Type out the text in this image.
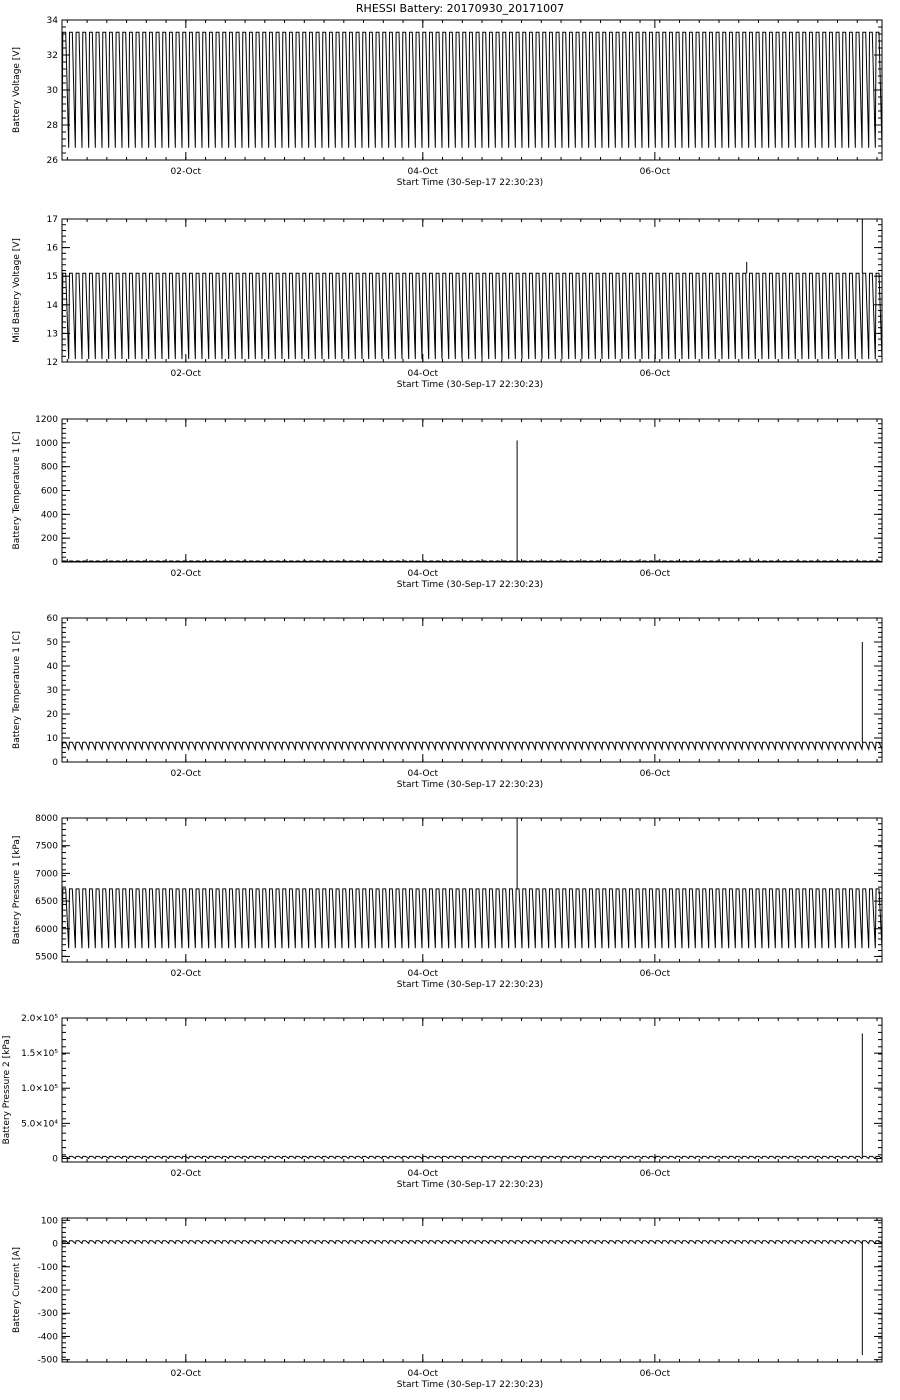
RHESSI Battery: 20170930_20171007
26
28
30
32
34
02-Oct	04-Oct	06-Oct
Start Time (30-Sep-17 22:30:23)
Battery Voltage [V]
12
13
14
15
16
17
02-Oct	04-Oct	06-Oct
Start Time (30-Sep-17 22:30:23)
Mid Battery Voltage [V]
0
200
400
600
800
1000
1200
02-Oct	04-Oct	06-Oct
Start Time (30-Sep-17 22:30:23)
Battery Temperature 1 [C]
0
10
20
30
40
50
60
02-Oct	04-Oct	06-Oct
Start Time (30-Sep-17 22:30:23)
Battery Temperature 1 [C]
5500
6000
6500
7000
7500
8000
02-Oct	04-Oct	06-Oct
Start Time (30-Sep-17 22:30:23)
Battery Pressure 1 [kPa]
0
5.0×10⁴
1.0×10⁵
1.5×10⁵
2.0×10⁵
02-Oct	04-Oct	06-Oct
Start Time (30-Sep-17 22:30:23)
Battery Pressure 2 [kPa]
-500
-400
-300
-200
-100
0
100
02-Oct	04-Oct	06-Oct
Start Time (30-Sep-17 22:30:23)
Battery Current [A]
